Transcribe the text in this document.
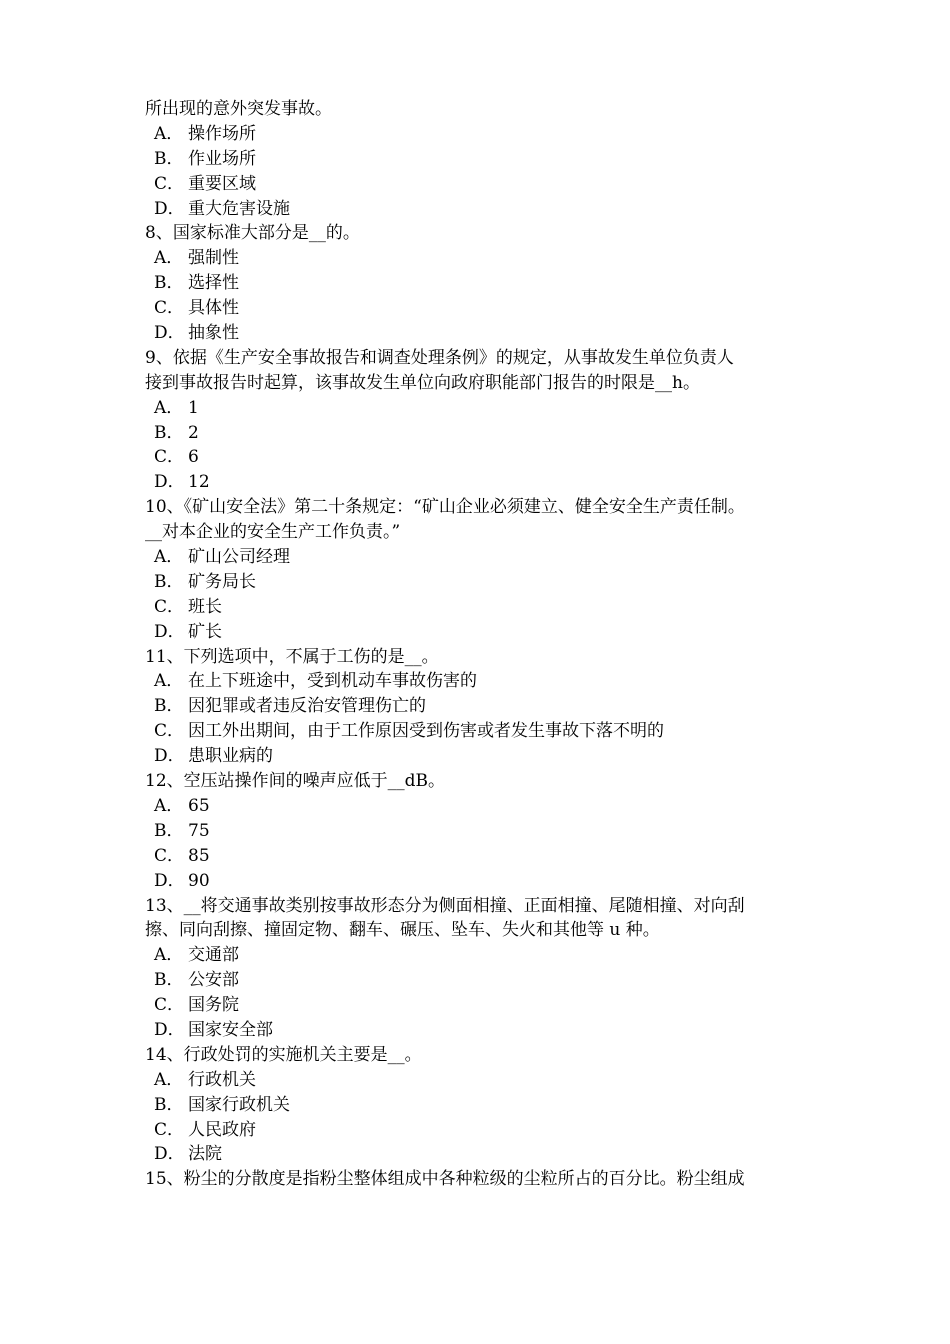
所出现的意外突发事故。
A． 操作场所
B． 作业场所
C． 重要区域
D． 重大危害设施
8、国家标准大部分是__的。
A． 强制性
B． 选择性
C． 具体性
D． 抽象性
9、依据《生产安全事故报告和调查处理条例》的规定，从事故发生单位负责人
接到事故报告时起算，该事故发生单位向政府职能部门报告的时限是__h。
A． 1
B． 2
C． 6
D． 12
10、《矿山安全法》第二十条规定：“矿山企业必须建立、健全安全生产责任制。
__对本企业的安全生产工作负责。”
A． 矿山公司经理
B． 矿务局长
C． 班长
D． 矿长
11、下列选项中，不属于工伤的是__。
A． 在上下班途中，受到机动车事故伤害的
B． 因犯罪或者违反治安管理伤亡的
C． 因工外出期间，由于工作原因受到伤害或者发生事故下落不明的
D． 患职业病的
12、空压站操作间的噪声应低于__dB。
A． 65
B． 75
C． 85
D． 90
13、__将交通事故类别按事故形态分为侧面相撞、正面相撞、尾随相撞、对向刮
擦、同向刮擦、撞固定物、翻车、碾压、坠车、失火和其他等 u 种。
A． 交通部
B． 公安部
C． 国务院
D． 国家安全部
14、行政处罚的实施机关主要是__。
A． 行政机关
B． 国家行政机关
C． 人民政府
D． 法院
15、粉尘的分散度是指粉尘整体组成中各种粒级的尘粒所占的百分比。粉尘组成
